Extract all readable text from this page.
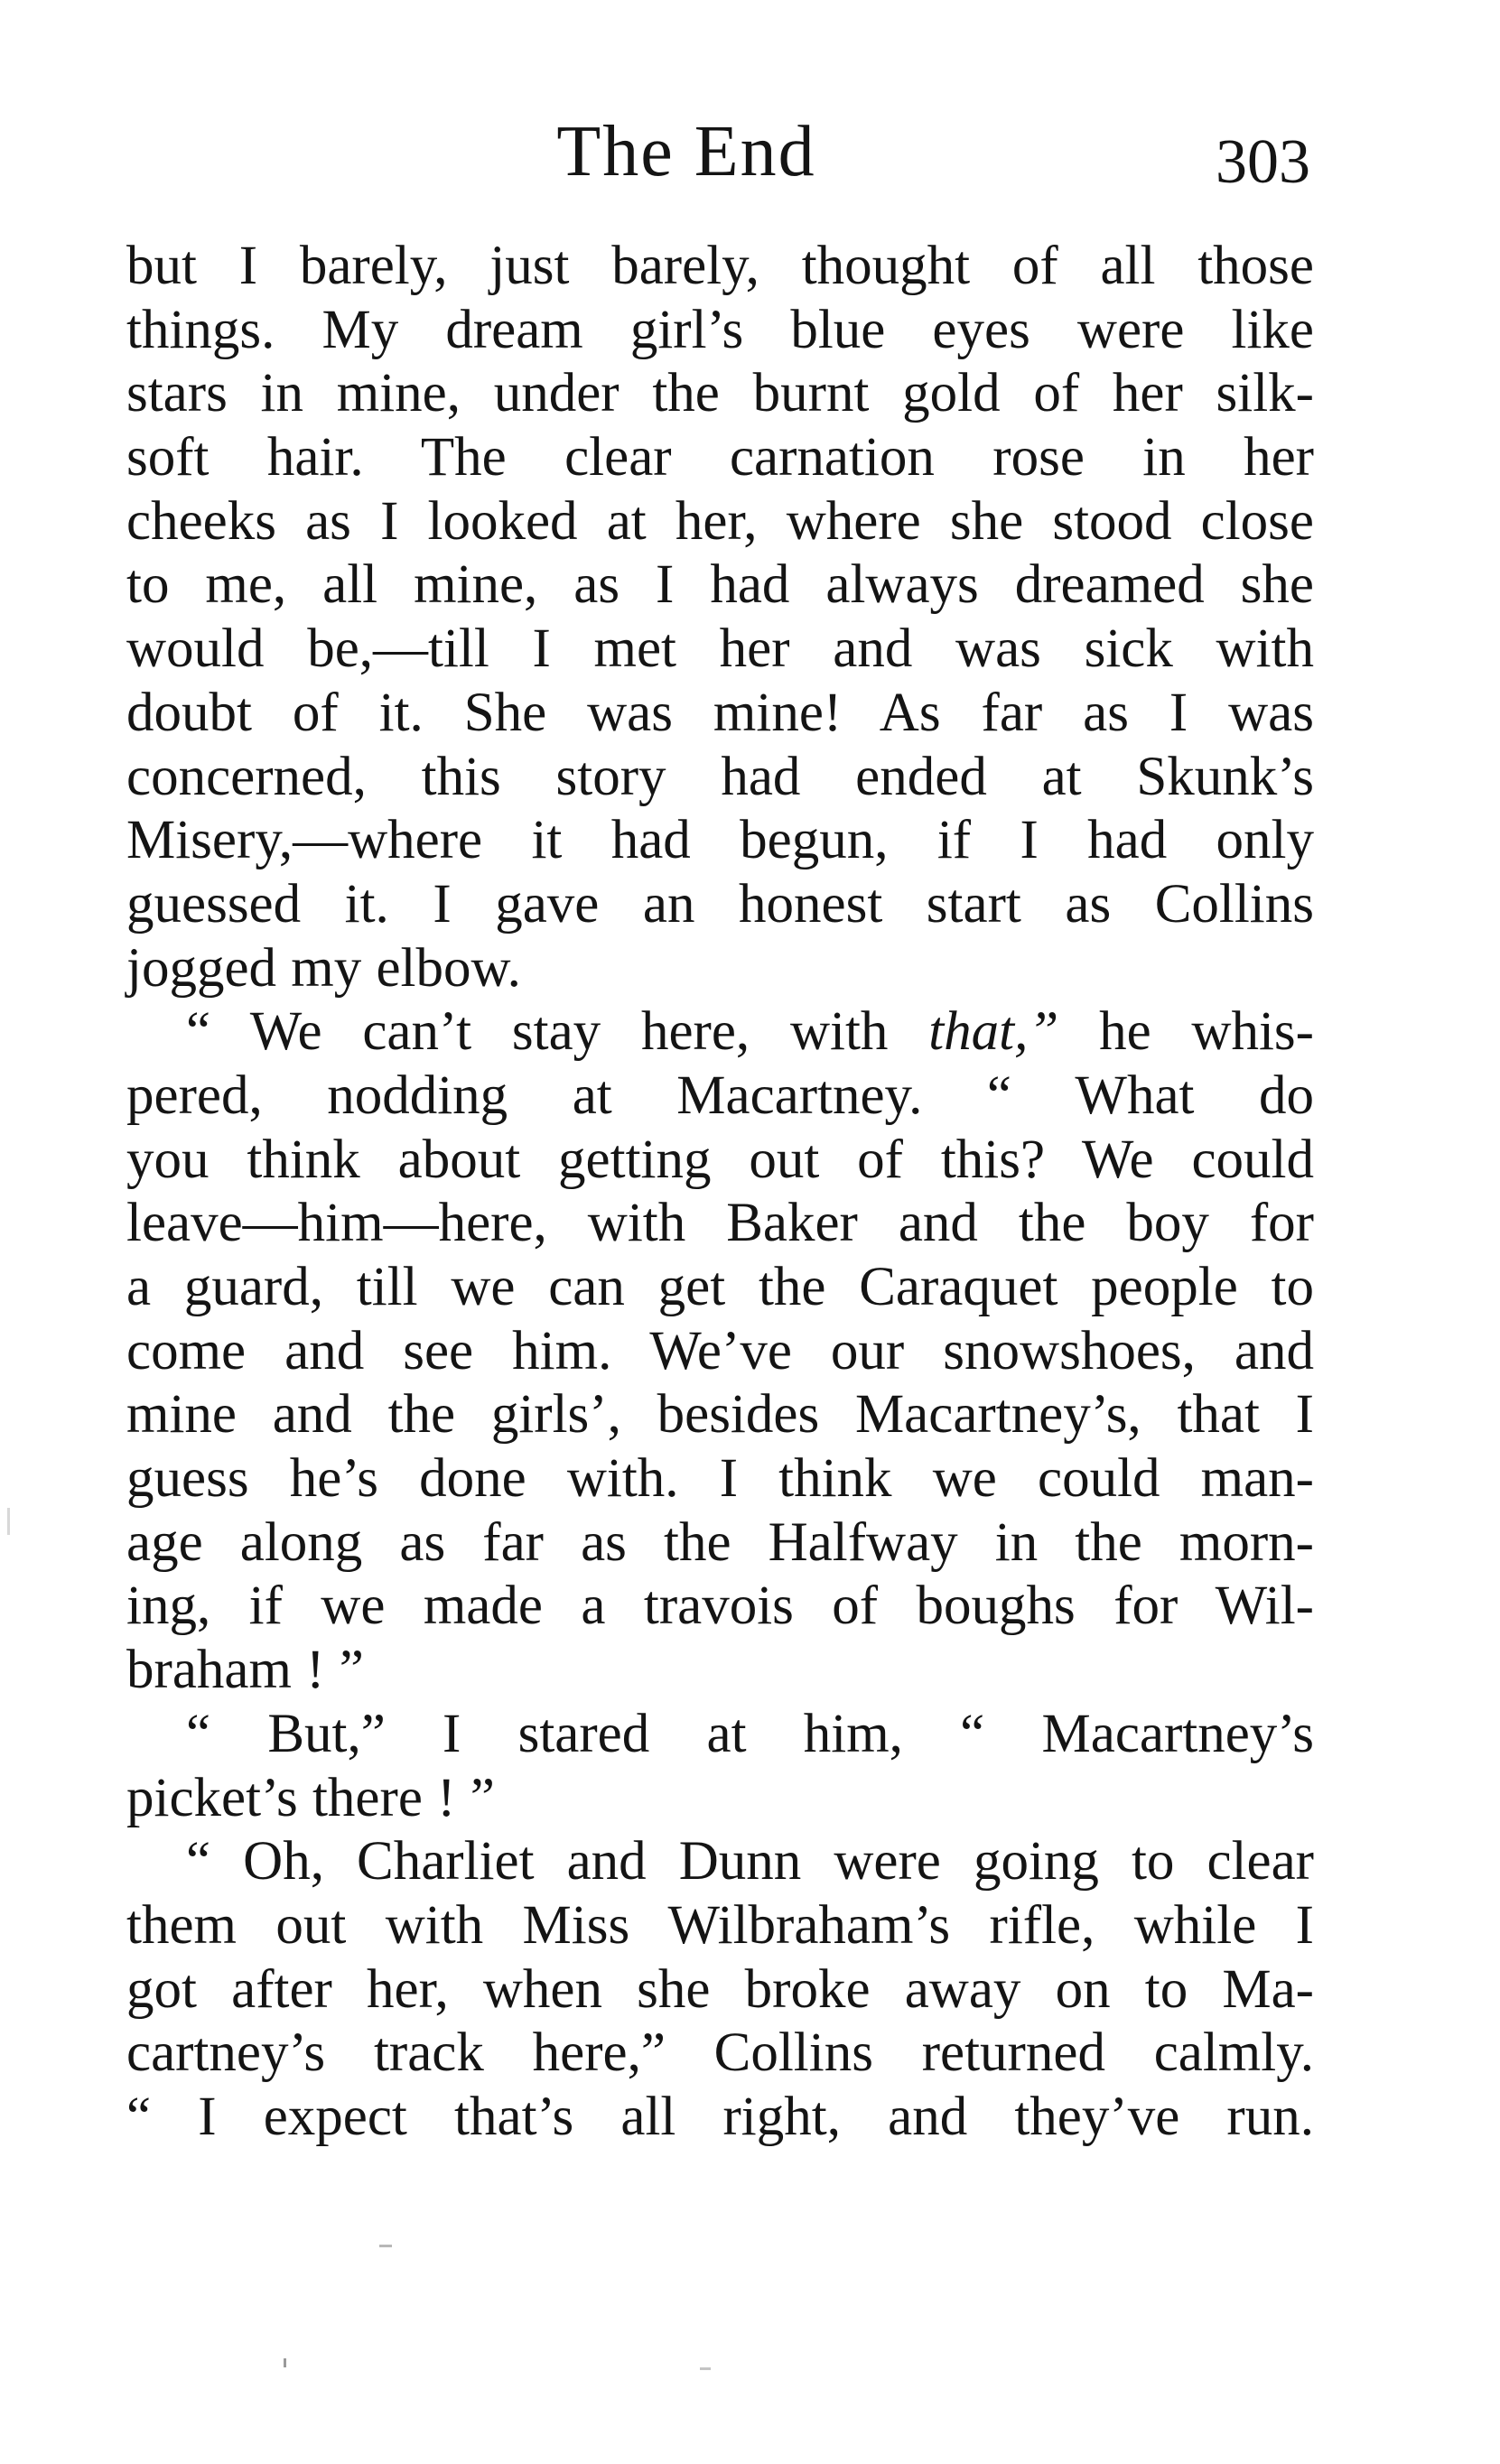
The End	303
but I barely, just barely, thought of all those
things. My dream girl’s blue eyes were like
stars in mine, under the burnt gold of her silk-
soft hair. The clear carnation rose in her
cheeks as I looked at her, where she stood close
to me, all mine, as I had always dreamed she
would be,—till I met her and was sick with
doubt of it. She was mine! As far as I was
concerned, this story had ended at Skunk’s
Misery,—where it had begun, if I had only
guessed it. I gave an honest start as Collins
jogged my elbow.
“ We can’t stay here, with that,” he whis-
pered, nodding at Macartney. “ What do
you think about getting out of this? We could
leave—him—here, with Baker and the boy for
a guard, till we can get the Caraquet people to
come and see him. We’ve our snowshoes, and
mine and the girls’, besides Macartney’s, that I
guess he’s done with. I think we could man-
age along as far as the Halfway in the morn-
ing, if we made a travois of boughs for Wil-
braham ! ”
“ But,” I stared at him, “ Macartney’s
picket’s there ! ”
“ Oh, Charliet and Dunn were going to clear
them out with Miss Wilbraham’s rifle, while I
got after her, when she broke away on to Ma-
cartney’s track here,” Collins returned calmly.
“ I expect that’s all right, and they’ve run.
